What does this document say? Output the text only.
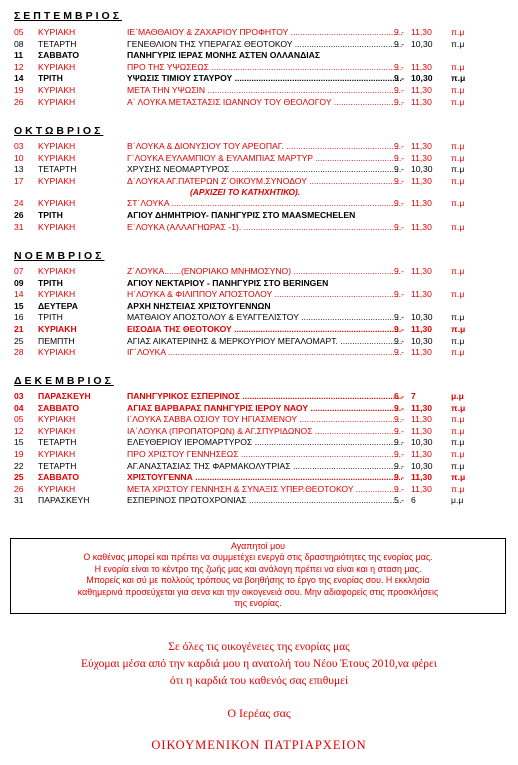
ΣΕΠΤΕΜΒΡΙΟΣ
05	ΚΥΡΙΑΚΗ	ΙΕ΄ΜΑΘΘΑΙΟΥ & ΖΑΧΑΡΙΟΥ ΠΡΟΦΗΤΟΥ .....	9 - 11,30 π.μ
08	ΤΕΤΑΡΤΗ	ΓΕΝΕΘΛΙΟΝ ΤΗΣ ΥΠΕΡΑΓΑΣ ΘΕΟΤΟΚΟΥ .....	9 - 10,30 π.μ
11	ΣΑΒΒΑΤΟ	ΠΑΝΗΓΥΡΙΣ ΙΕΡΑΣ ΜΟΝΗΣ ΑΣΤΕΝ ΟΛΛΑΝΔΙΑΣ
12	ΚΥΡΙΑΚΗ	ΠΡΟ ΤΗΣ ΥΨΩΣΕΩΣ .....	9 - 11,30 π.μ
14	ΤΡΙΤΗ	ΥΨΩΣΙΣ ΤΙΜΙΟΥ ΣΤΑΥΡΟΥ .....	9 - 10,30 π.μ
19	ΚΥΡΙΑΚΗ	ΜΕΤΑ ΤΗΝ ΥΨΩΣΙΝ .....	9 - 11,30 π.μ
26	ΚΥΡΙΑΚΗ	Α΄ ΛΟΥΚΑ ΜΕΤΑΣΤΑΣΙΣ ΙΩΑΝΝΟΥ ΤΟΥ ΘΕΟΛΟΓΟΥ .....	9 - 11,30 π.μ
ΟΚΤΩΒΡΙΟΣ
03	ΚΥΡΙΑΚΗ	Β΄ΛΟΥΚΑ & ΔΙΟΝΥΣΙΟΥ ΤΟΥ ΑΡΕΟΠΑΓ. .....	9 - 11,30 π.μ
10	ΚΥΡΙΑΚΗ	Γ΄ΛΟΥΚΑ ΕΥΛΑΜΠΙΟΥ & ΕΥΛΑΜΠΙΑΣ ΜΑΡΤΥΡ .....	9 - 11,30 π.μ
13	ΤΕΤΑΡΤΗ	ΧΡΥΣΗΣ ΝΕΟΜΑΡΤΥΡΟΣ .....	9 - 10,30 π.μ
17	ΚΥΡΙΑΚΗ	Δ΄ΛΟΥΚΑ ΑΓ.ΠΑΤΕΡΩΝ Ζ΄ΟΙΚΟΥΜ.ΣΥΝΟΔΟΥ .....	9 - 11,30 π.μ
24	ΚΥΡΙΑΚΗ	ΣΤ΄ΛΟΥΚΑ .....	9 - 11,30 π.μ
26	ΤΡΙΤΗ	ΑΓΙΟΥ ΔΗΜΗΤΡΙΟΥ- ΠΑΝΗΓΥΡΙΣ ΣΤΟ MAASMECHELEN
31	ΚΥΡΙΑΚΗ	Ε΄ΛΟΥΚΑ (ΑΛΛΑΓΗΩΡΑΣ -1). .....	9 - 11,30 π.μ
(ΑΡΧΙΖΕΙ ΤΟ ΚΑΤΗΧΗΤΙΚΟ).
ΝΟΕΜΒΡΙΟΣ
07	ΚΥΡΙΑΚΗ	Ζ΄ΛΟΥΚΑ.......(ΕΝΟΡΙΑΚΟ ΜΝΗΜΟΣΥΝΟ) .....	9 - 11,30 π.μ
09	ΤΡΙΤΗ	ΑΓΙΟΥ ΝΕΚΤΑΡΙΟΥ - ΠΑΝΗΓΥΡΙΣ ΣΤΟ BERINGEN
14	ΚΥΡΙΑΚΗ	Η΄ΛΟΥΚΑ & ΦΙΛΙΠΠΟΥ ΑΠΟΣΤΟΛΟΥ .....	9 - 11,30 π.μ
15	ΔΕΥΤΕΡΑ	ΑΡΧΗ ΝΗΣΤΕΙΑΣ ΧΡΙΣΤΟΥΓΕΝΝΩΝ
16	ΤΡΙΤΗ	ΜΑΤΘΑΙΟΥ ΑΠΟΣΤΟΛΟΥ & ΕΥΑΓΓΕΛΙΣΤΟΥ .....	9 - 10,30 π.μ
21	ΚΥΡΙΑΚΗ	ΕΙΣΟΔΙΑ ΤΗΣ ΘΕΟΤΟΚΟΥ .....	9 - 11,30 π.μ
25	ΠΕΜΠΤΗ	ΑΓΙΑΣ ΑΙΚΑΤΕΡΙΝΗΣ & ΜΕΡΚΟΥΡΙΟΥ ΜΕΓΑΛΟΜΑΡΤ. .....	9 - 10,30 π.μ
28	ΚΥΡΙΑΚΗ	ΙΓ΄ΛΟΥΚΑ .....	9 - 11,30 π.μ
ΔΕΚΕΜΒΡΙΟΣ
03	ΠΑΡΑΣΚΕΥΗ	ΠΑΝΗΓΥΡΙΚΟΣ ΕΣΠΕΡΙΝΟΣ .....	6 - 7	μ.μ
04	ΣΑΒΒΑΤΟ	ΑΓΙΑΣ ΒΑΡΒΑΡΑΣ ΠΑΝΗΓΥΡΙΣ ΙΕΡΟΥ ΝΑΟΥ .....	9 - 11,30 π.μ
05	ΚΥΡΙΑΚΗ	Ι΄ΛΟΥΚΑ ΣΑΒΒΑ ΟΣΙΟΥ ΤΟΥ ΗΓΙΑΣΜΕΝΟΥ .....	9 - 11,30 π.μ
12	ΚΥΡΙΑΚΗ	ΙΑ΄ΛΟΥΚΑ (ΠΡΟΠΑΤΟΡΩΝ) & ΑΓ.ΣΠΥΡΙΔΩΝΟΣ .....	9 - 11,30 π.μ
15	ΤΕΤΑΡΤΗ	ΕΛΕΥΘΕΡΙΟΥ ΙΕΡΟΜΑΡΤΥΡΟΣ .....	9 - 10,30 π.μ
19	ΚΥΡΙΑΚΗ	ΠΡΟ ΧΡΙΣΤΟΥ ΓΕΝΝΗΣΕΩΣ .....	9 - 11,30 π.μ
22	ΤΕΤΑΡΤΗ	ΑΓ.ΑΝΑΣΤΑΣΙΑΣ ΤΗΣ ΦΑΡΜΑΚΟΛΥΤΡΙΑΣ .....	9 - 10,30 π.μ
25	ΣΑΒΒΑΤΟ	ΧΡΙΣΤΟΥΓΕΝΝΑ .....	9 - 11,30 π.μ
26	ΚΥΡΙΑΚΗ	ΜΕΤΑ ΧΡΙΣΤΟΥ ΓΕΝΝΗΣΗ & ΣΥΝΑΞΙΣ ΥΠΕΡ.ΘΕΟΤΟΚΟΥ .....	9 - 11,30 π.μ
31	ΠΑΡΑΣΚΕΥΗ	ΕΣΠΕΡΙΝΟΣ ΠΡΩΤΟΧΡΟΝΙΑΣ .....	5 - 6	μ.μ
Αγαπητοί μου
Ο καθένας μπορεί και πρέπει να συμμετέχει ενεργά στις δραστηριότητες της ενορίας μας.
Η ενορία είναι το κέντρο της ζωής μας και ανάλογη πρέπει να είναι και η σταση μας.
Μπορείς και σύ με πολλούς τρόπους να βοηθήσης το έργο της ενορίας σου. Η εκκλησία
καθημερινά προσεύχεται για σενα και την οικογενειά σου. Μην αδιαφορείς στις προσκλήσεις
της ενορίας.
Σε όλες τις οικογένειες της ενορίας μας
Εύχομαι μέσα από την καρδιά μου η ανατολή του Νέου Έτους 2010,να φέρει
ότι η καρδιά του καθενός σας επιθυμεί
Ο Ιερέας σας
ΟΙΚΟΥΜΕΝΙΚΟΝ ΠΑΤΡΙΑΡΧΕΙΟΝ
